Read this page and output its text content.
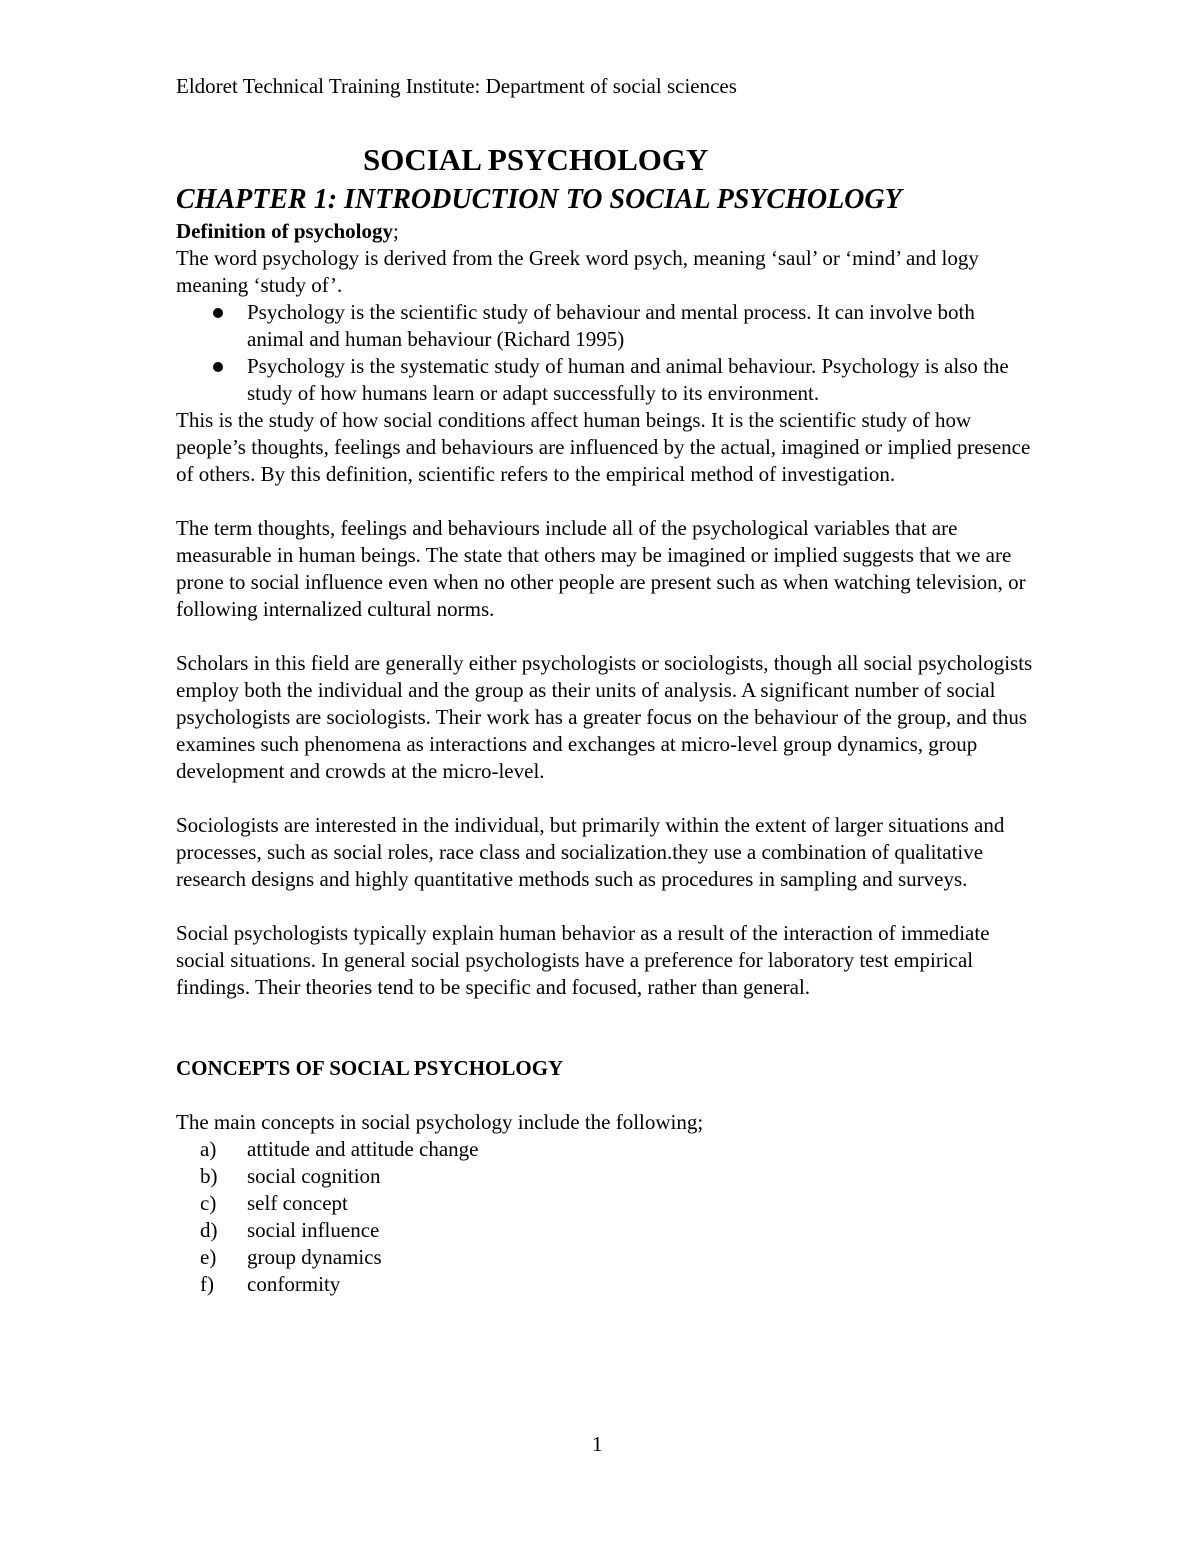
Eldoret Technical Training Institute: Department of social sciences
SOCIAL PSYCHOLOGY
CHAPTER 1: INTRODUCTION TO SOCIAL PSYCHOLOGY

Definition of psychology;

The word psychology is derived from the Greek word psych, meaning ‘saul’ or ‘mind’ and logy meaning ‘study of’.

Psychology is the scientific study of behaviour and mental process. It can involve both animal and human behaviour (Richard 1995)
Psychology is the systematic study of human and animal behaviour. Psychology is also the study of how humans learn or adapt successfully to its environment.

This is the study of how social conditions affect human beings. It is the scientific study of how people’s thoughts, feelings and behaviours are influenced by the actual, imagined or implied presence of others. By this definition, scientific refers to the empirical method of investigation.

The term thoughts, feelings and behaviours include all of the psychological variables that are measurable in human beings. The state that others may be imagined or implied suggests that we are prone to social influence even when no other people are present such as when watching television, or following internalized cultural norms.

Scholars in this field are generally either psychologists or sociologists, though all social psychologists employ both the individual and the group as their units of analysis. A significant number of social psychologists are sociologists. Their work has a greater focus on the behaviour of the group, and thus examines such phenomena as interactions and exchanges at micro-level group dynamics, group development and crowds at the micro-level.

Sociologists are interested in the individual, but primarily within the extent of larger situations and processes, such as social roles, race class and socialization.they use a combination of qualitative research designs and highly quantitative methods such as procedures in sampling and surveys.

Social psychologists typically explain human behavior as a result of the interaction of immediate social situations. In general social psychologists have a preference for laboratory test empirical findings. Their theories tend to be specific and focused, rather than general.

CONCEPTS OF SOCIAL PSYCHOLOGY

The main concepts in social psychology include the following;

a) attitude and attitude change
b) social cognition
c) self concept
d) social influence
e) group dynamics
f) conformity
1
